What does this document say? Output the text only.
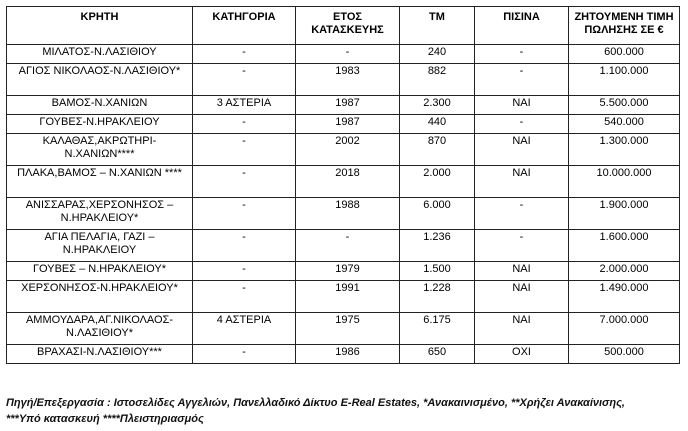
ΚΡΗΤΗ	ΚΑΤΗΓΟΡΙΑ	ΕΤΟΣ ΚΑΤΑΣΚΕΥΗΣ	ΤΜ	ΠΙΣΙΝΑ	ΖΗΤΟΥΜΕΝΗ ΤΙΜΗ ΠΩΛΗΣΗΣ ΣΕ €
ΜΙΛΑΤΟΣ-Ν.ΛΑΣΙΘΙΟΥ	-	-	240	-	600.000
ΑΓΙΟΣ ΝΙΚΟΛΑΟΣ-Ν.ΛΑΣΙΘΙΟΥ*	-	1983	882	-	1.100.000
ΒΑΜΟΣ-Ν.ΧΑΝΙΩΝ	3 ΑΣΤΕΡΙΑ	1987	2.300	ΝΑΙ	5.500.000
ΓΟΥΒΕΣ-Ν.ΗΡΑΚΛΕΙΟΥ	-	1987	440	-	540.000
ΚΑΛΑΘΑΣ,ΑΚΡΩΤΗΡΙ-Ν.ΧΑΝΙΩΝ****	-	2002	870	ΝΑΙ	1.300.000
ΠΛΑΚΑ,ΒΑΜΟΣ – Ν.ΧΑΝΙΩΝ ****	-	2018	2.000	ΝΑΙ	10.000.000
ΑΝΙΣΣΑΡΑΣ,ΧΕΡΣΟΝΗΣΟΣ – Ν.ΗΡΑΚΛΕΙΟΥ*	-	1988	6.000	-	1.900.000
ΑΓΙΑ ΠΕΛΑΓΙΑ, ΓΑΖΙ – Ν.ΗΡΑΚΛΕΙΟΥ	-	-	1.236	-	1.600.000
ΓΟΥΒΕΣ – Ν.ΗΡΑΚΛΕΙΟΥ*	-	1979	1.500	ΝΑΙ	2.000.000
ΧΕΡΣΟΝΗΣΟΣ-Ν.ΗΡΑΚΛΕΙΟΥ*	-	1991	1.228	ΝΑΙ	1.490.000
ΑΜΜΟΥΔΑΡΑ,ΑΓ.ΝΙΚΟΛΑΟΣ-Ν.ΛΑΣΙΘΙΟΥ*	4 ΑΣΤΕΡΙΑ	1975	6.175	ΝΑΙ	7.000.000
ΒΡΑΧΑΣΙ-Ν.ΛΑΣΙΘΙΟΥ***	-	1986	650	ΟΧΙ	500.000
Πηγή/Επεξεργασία : Ιστοσελίδες Αγγελιών, Πανελλαδικό Δίκτυο E-Real Estates, *Ανακαινισμένο, **Χρήζει Ανακαίνισης,
***Υπό κατασκευή ****Πλειστηριασμός
